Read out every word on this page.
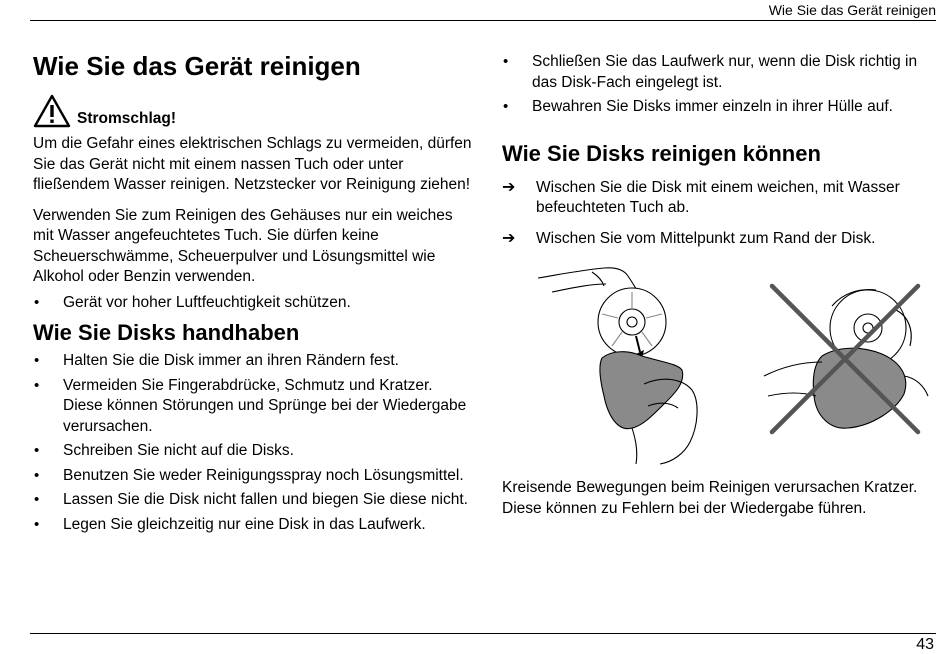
Wie Sie das Gerät reinigen
Wie Sie das Gerät reinigen
Stromschlag!

Um die Gefahr eines elektrischen Schlags zu vermeiden, dürfen Sie das Gerät nicht mit einem nassen Tuch oder unter fließendem Wasser reinigen. Netzstecker vor Reinigung ziehen!

Verwenden Sie zum Reinigen des Gehäuses nur ein weiches mit Wasser angefeuchtetes Tuch. Sie dürfen keine Scheuerschwämme, Scheuerpulver und Lösungsmittel wie Alkohol oder Benzin verwenden.

• Gerät vor hoher Luftfeuchtigkeit schützen.
Wie Sie Disks handhaben
• Halten Sie die Disk immer an ihren Rändern fest.
• Vermeiden Sie Fingerabdrücke, Schmutz und Kratzer. Diese können Störungen und Sprünge bei der Wiedergabe verursachen.
• Schreiben Sie nicht auf die Disks.
• Benutzen Sie weder Reinigungsspray noch Lösungsmittel.
• Lassen Sie die Disk nicht fallen und biegen Sie diese nicht.
• Legen Sie gleichzeitig nur eine Disk in das Laufwerk.
• Schließen Sie das Laufwerk nur, wenn die Disk richtig in das Disk-Fach eingelegt ist.
• Bewahren Sie Disks immer einzeln in ihrer Hülle auf.
Wie Sie Disks reinigen können
➔ Wischen Sie die Disk mit einem weichen, mit Wasser befeuchteten Tuch ab.
➔ Wischen Sie vom Mittelpunkt zum Rand der Disk.

Kreisende Bewegungen beim Reinigen verursachen Kratzer. Diese können zu Fehlern bei der Wiedergabe führen.

43
